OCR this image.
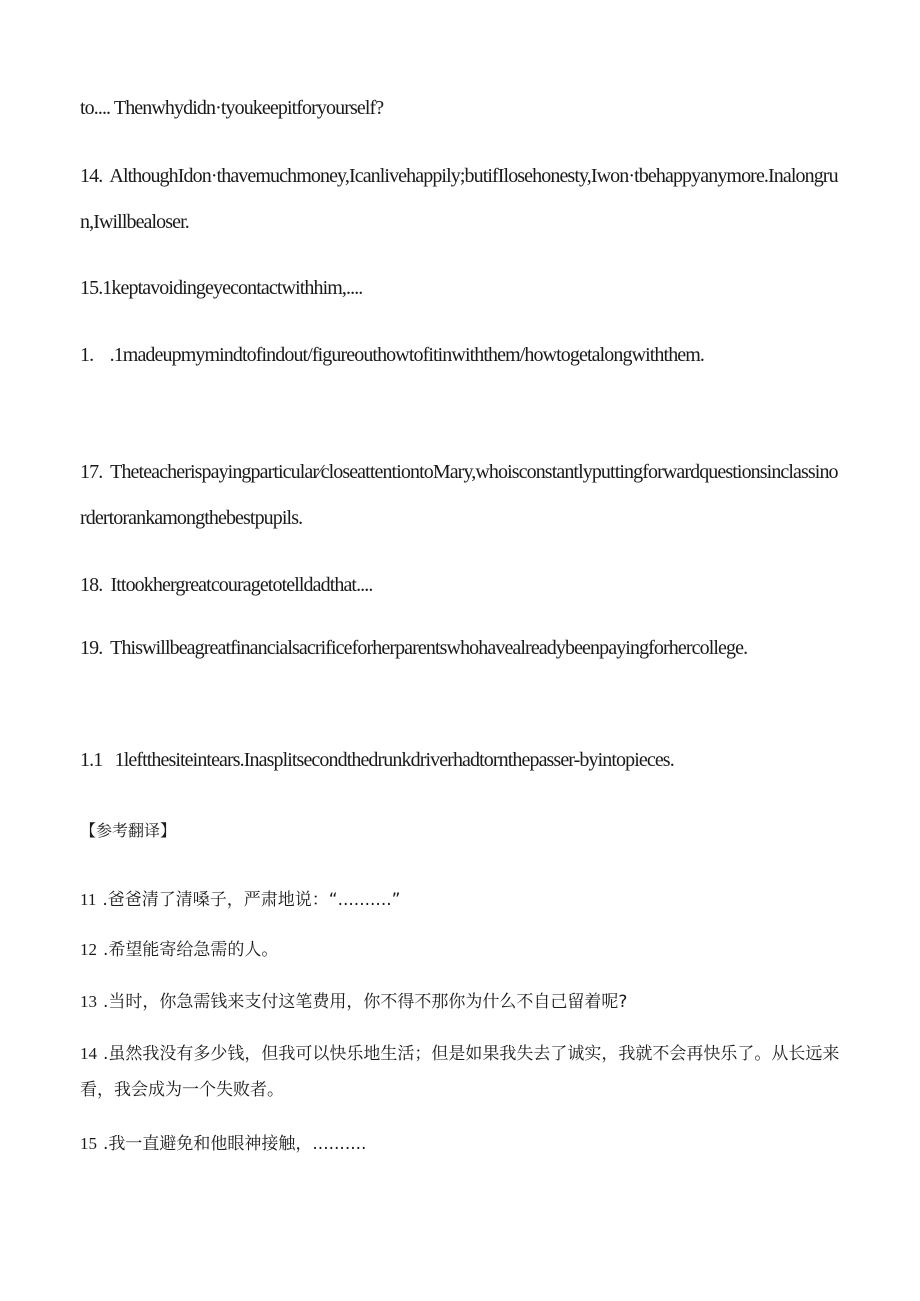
to.... Thenwhydidn·tyoukeepitforyourself?

14.  AlthoughIdon·thavemuchmoney,Icanlivehappily;butifIlosehonesty,Iwon·tbehappyanymore.Inalongrun,Iwillbealoser.

15.1keptavoidingeyecontactwithhim,....

1.    .1madeupmymindtofindout/figureouthowtofitinwiththem/howtogetalongwiththem.

17.  Theteacherispayingparticular∕closeattentiontoMary,whoisconstantlyputtingforwardquestionsinclassinordertorankamongthebestpupils.

18.  Ittookhergreatcouragetotelldadthat....

19.  Thiswillbeagreatfinancialsacrificeforherparentswhohavealreadybeenpayingforhercollege.

1.1   1leftthesiteintears.Inasplitsecondthedrunkdriverhadtornthepasser-byintopieces.

【参考翻译】

11 .爸爸清了清嗓子，严肃地说：“..........”

12 .希望能寄给急需的人。

13 .当时，你急需钱来支付这笔费用，你不得不那你为什么不自己留着呢?

14 .虽然我没有多少钱，但我可以快乐地生活；但是如果我失去了诚实，我就不会再快乐了。从长远来看，我会成为一个失败者。

15 .我一直避免和他眼神接触，..........
